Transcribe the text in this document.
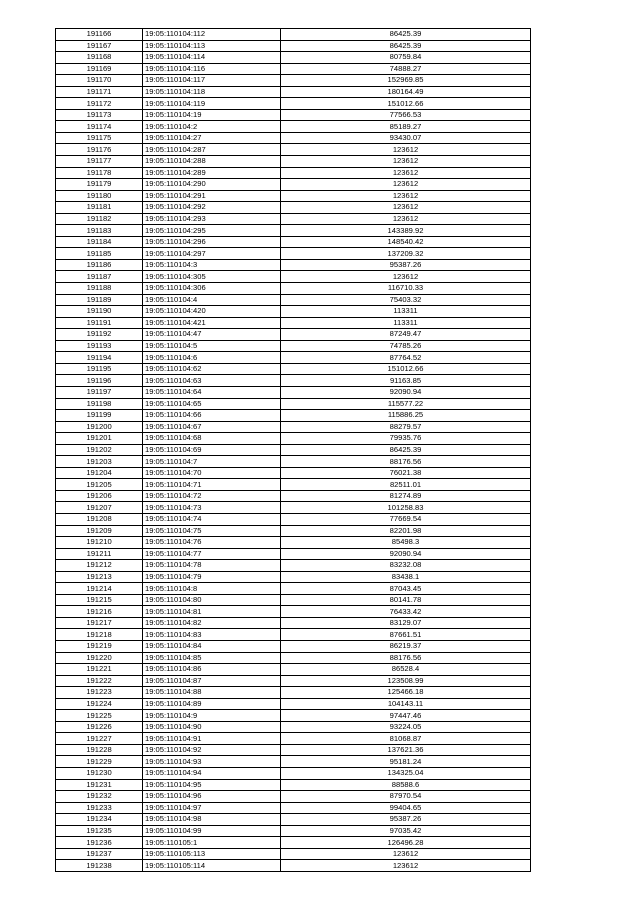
191166	19:05:110104:112	86425.39
191167	19:05:110104:113	86425.39
191168	19:05:110104:114	80759.84
191169	19:05:110104:116	74888.27
191170	19:05:110104:117	152969.85
191171	19:05:110104:118	180164.49
191172	19:05:110104:119	151012.66
191173	19:05:110104:19	77566.53
191174	19:05:110104:2	85189.27
191175	19:05:110104:27	93430.07
191176	19:05:110104:287	123612
191177	19:05:110104:288	123612
191178	19:05:110104:289	123612
191179	19:05:110104:290	123612
191180	19:05:110104:291	123612
191181	19:05:110104:292	123612
191182	19:05:110104:293	123612
191183	19:05:110104:295	143389.92
191184	19:05:110104:296	148540.42
191185	19:05:110104:297	137209.32
191186	19:05:110104:3	95387.26
191187	19:05:110104:305	123612
191188	19:05:110104:306	116710.33
191189	19:05:110104:4	75403.32
191190	19:05:110104:420	113311
191191	19:05:110104:421	113311
191192	19:05:110104:47	87249.47
191193	19:05:110104:5	74785.26
191194	19:05:110104:6	87764.52
191195	19:05:110104:62	151012.66
191196	19:05:110104:63	91163.85
191197	19:05:110104:64	92090.94
191198	19:05:110104:65	115577.22
191199	19:05:110104:66	115886.25
191200	19:05:110104:67	88279.57
191201	19:05:110104:68	79935.76
191202	19:05:110104:69	86425.39
191203	19:05:110104:7	88176.56
191204	19:05:110104:70	76021.38
191205	19:05:110104:71	82511.01
191206	19:05:110104:72	81274.89
191207	19:05:110104:73	101258.83
191208	19:05:110104:74	77669.54
191209	19:05:110104:75	82201.98
191210	19:05:110104:76	85498.3
191211	19:05:110104:77	92090.94
191212	19:05:110104:78	83232.08
191213	19:05:110104:79	83438.1
191214	19:05:110104:8	87043.45
191215	19:05:110104:80	80141.78
191216	19:05:110104:81	76433.42
191217	19:05:110104:82	83129.07
191218	19:05:110104:83	87661.51
191219	19:05:110104:84	86219.37
191220	19:05:110104:85	88176.56
191221	19:05:110104:86	86528.4
191222	19:05:110104:87	123508.99
191223	19:05:110104:88	125466.18
191224	19:05:110104:89	104143.11
191225	19:05:110104:9	97447.46
191226	19:05:110104:90	93224.05
191227	19:05:110104:91	81068.87
191228	19:05:110104:92	137621.36
191229	19:05:110104:93	95181.24
191230	19:05:110104:94	134325.04
191231	19:05:110104:95	88588.6
191232	19:05:110104:96	87970.54
191233	19:05:110104:97	99404.65
191234	19:05:110104:98	95387.26
191235	19:05:110104:99	97035.42
191236	19:05:110105:1	126496.28
191237	19:05:110105:113	123612
191238	19:05:110105:114	123612
